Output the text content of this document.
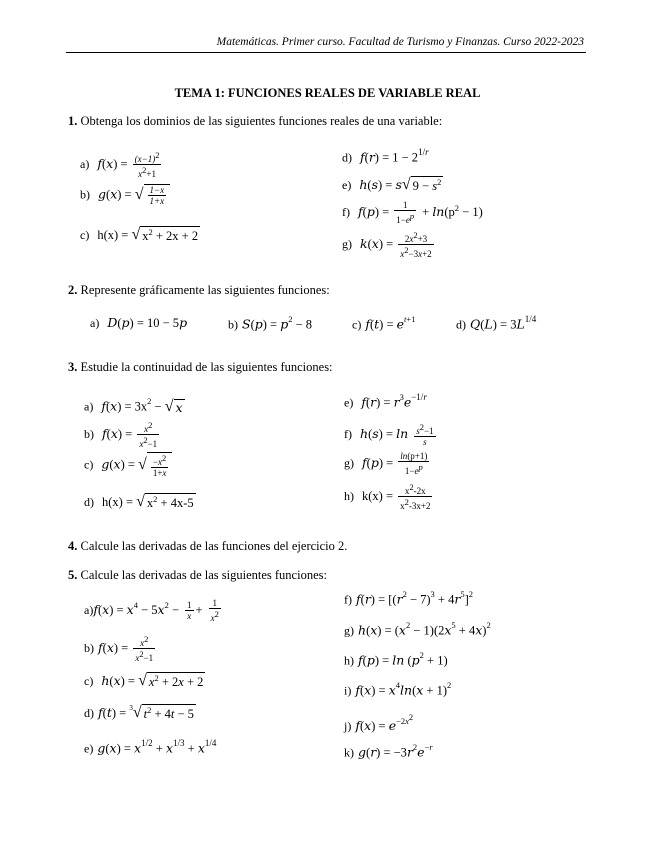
Matemáticas. Primer curso. Facultad de Turismo y Finanzas. Curso 2022-2023
TEMA 1: FUNCIONES REALES DE VARIABLE REAL
1. Obtenga los dominios de las siguientes funciones reales de una variable:
a) $f(x) = \frac{(x-1)^2}{x^2+1}$
b) g(x) = √ $\frac{1-x}{1+x}$
c) h(x) = √ $x^2 + 2x + 2$
d) $f(r) = 1 - 2^{1/r}$
e) h(s) = s√ $9 - s^2$
f) $f(p) = \frac{1}{1-e^p} + \ln(p^2 - 1)$
g) $k(x) = \frac{2x^2+3}{x^2-3x+2}$
2. Represente gráficamente las siguientes funciones:
a) D(p) = 10 − 5p	b) $S(p) = p^2 - 8$	c) $f(t) = e^{t+1}$	d) $Q(L) = 3L^{1/4}$
3. Estudie la continuidad de las siguientes funciones:
a) $f(x) = 3x^2$ − √ x
b) $f(x) = \frac{x^2}{x^2-1}$
c) g(x) = √ $\frac{-x^2}{1+x}$
d) h(x) = √ $x^2 + 4x-5$
e) $f(r) = r^3e^{-1/r}$
f) $h(s) = \ln \frac{s^2-1}{s}$
g) $f(p) = \frac{\ln(p+1)}{1-e^p}$
h) $k(x) = \frac{x^2-2x}{x^2-3x+2}$
4. Calcule las derivadas de las funciones del ejercicio 2.
5. Calcule las derivadas de las siguientes funciones:
$a)f(x) = x^4 - 5x^2 - \frac{1}{x} + \frac{1}{x^2}$
b) $f(x) = \frac{x^2}{x^2-1}$
c) h(x) = √ $x^2 + 2x + 2$
d) f(t) = $^3$√ $t^2 + 4t - 5$
e) $g(x) = x^{1/2} + x^{1/3} + x^{1/4}$
f) $f(r) = [(r^2 - 7)^3 + 4r^5]^2$
g) $h(x) = (x^2 - 1)(2x^5 + 4x)^2$
h) $f(p) = \ln (p^2 + 1)$
i) $f(x) = x^4\ln(x + 1)^2$
j) $f(x) = e^{-2x^2}$
k) $g(r) = -3r^2e^{-r}$
